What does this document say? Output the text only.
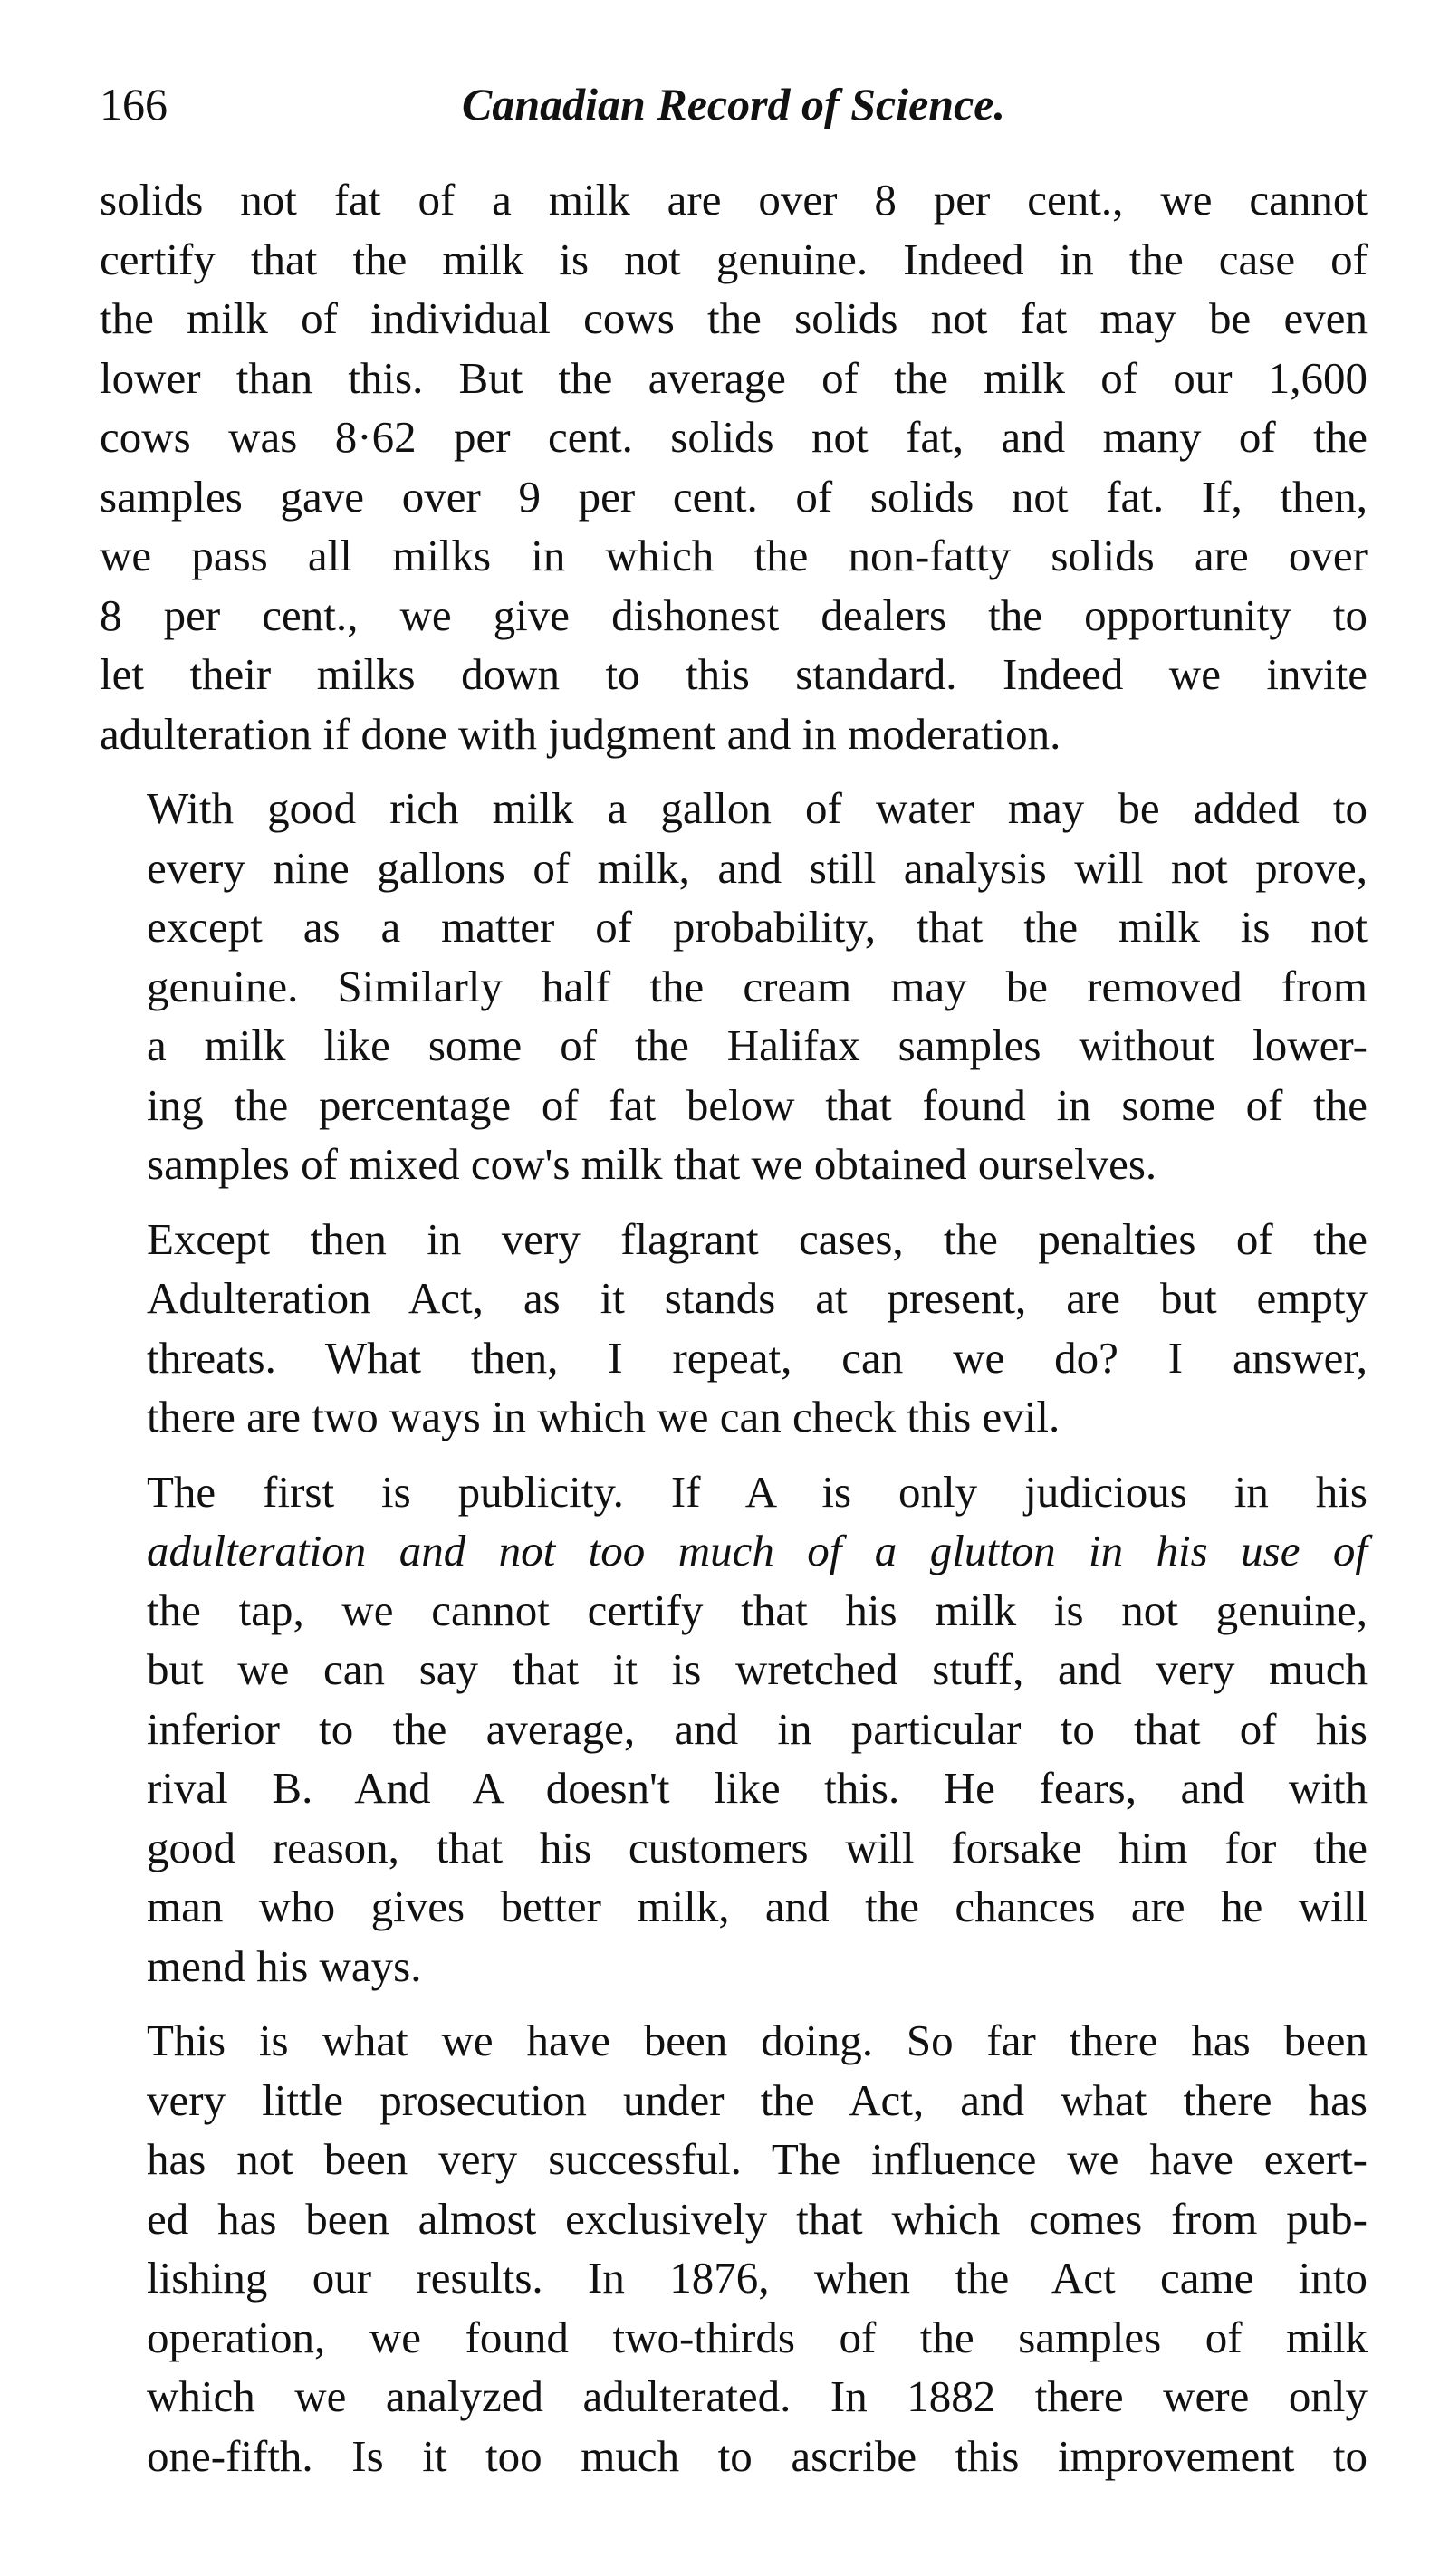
166	Canadian Record of Science.

solids not fat of a milk are over 8 per cent., we cannot
certify that the milk is not genuine. Indeed in the case of
the milk of individual cows the solids not fat may be even
lower than this. But the average of the milk of our 1,600
cows was 8·62 per cent. solids not fat, and many of the
samples gave over 9 per cent. of solids not fat. If, then,
we pass all milks in which the non-fatty solids are over
8 per cent., we give dishonest dealers the opportunity to
let their milks down to this standard. Indeed we invite
adulteration if done with judgment and in moderation.

With good rich milk a gallon of water may be added to
every nine gallons of milk, and still analysis will not prove,
except as a matter of probability, that the milk is not
genuine. Similarly half the cream may be removed from
a milk like some of the Halifax samples without lower-
ing the percentage of fat below that found in some of the
samples of mixed cow's milk that we obtained ourselves.

Except then in very flagrant cases, the penalties of the
Adulteration Act, as it stands at present, are but empty
threats. What then, I repeat, can we do? I answer,
there are two ways in which we can check this evil.

The first is publicity. If A is only judicious in his
adulteration and not too much of a glutton in his use of
the tap, we cannot certify that his milk is not genuine,
but we can say that it is wretched stuff, and very much
inferior to the average, and in particular to that of his
rival B. And A doesn't like this. He fears, and with
good reason, that his customers will forsake him for the
man who gives better milk, and the chances are he will
mend his ways.

This is what we have been doing. So far there has been
very little prosecution under the Act, and what there has
has not been very successful. The influence we have exert-
ed has been almost exclusively that which comes from pub-
lishing our results. In 1876, when the Act came into
operation, we found two-thirds of the samples of milk
which we analyzed adulterated. In 1882 there were only
one-fifth. Is it too much to ascribe this improvement to
